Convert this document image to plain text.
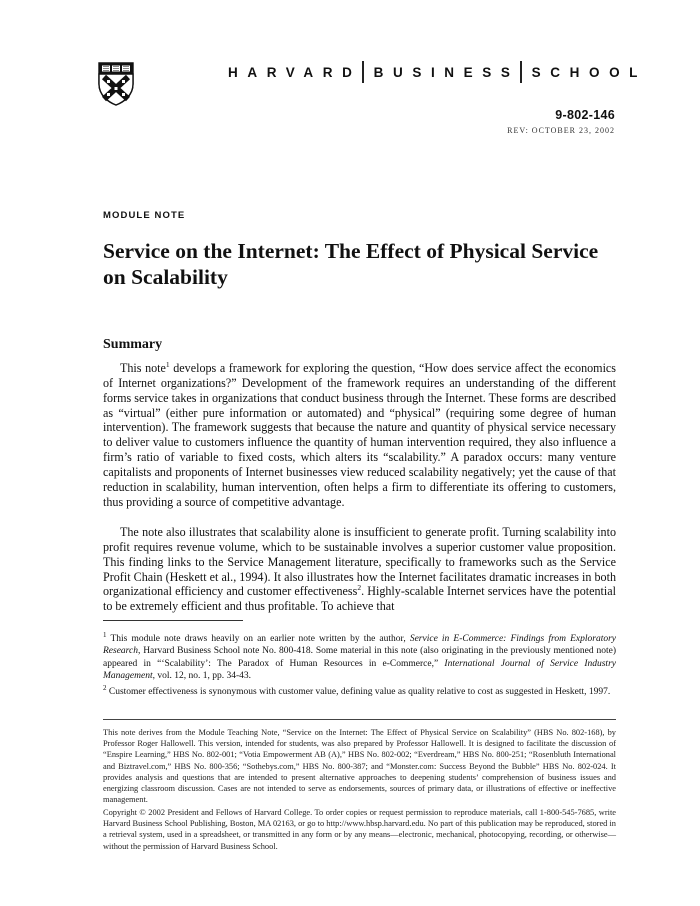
HARVARD BUSINESS SCHOOL
9-802-146
REV: OCTOBER 23, 2002
MODULE NOTE
Service on the Internet: The Effect of Physical Service on Scalability
Summary

This note$^1$ develops a framework for exploring the question, “How does service affect the economics of Internet organizations?” Development of the framework requires an understanding of the different forms service takes in organizations that conduct business through the Internet. These forms are described as “virtual” (either pure information or automated) and “physical” (requiring some degree of human intervention). The framework suggests that because the nature and quantity of physical service necessary to deliver value to customers influence the quantity of human intervention required, they also influence a firm’s ratio of variable to fixed costs, which alters its “scalability.” A paradox occurs: many venture capitalists and proponents of Internet businesses view reduced scalability negatively; yet the cause of that reduction in scalability, human intervention, often helps a firm to differentiate its offering to customers, thus providing a source of competitive advantage.

The note also illustrates that scalability alone is insufficient to generate profit. Turning scalability into profit requires revenue volume, which to be sustainable involves a superior customer value proposition. This finding links to the Service Management literature, specifically to frameworks such as the Service Profit Chain (Heskett et al., 1994). It also illustrates how the Internet facilitates dramatic increases in both organizational efficiency and customer effectiveness$^2$. Highly-scalable Internet services have the potential to be extremely efficient and thus profitable. To achieve that

$^1$ This module note draws heavily on an earlier note written by the author, Service in E-Commerce: Findings from Exploratory Research, Harvard Business School note No. 800-418. Some material in this note (also originating in the previously mentioned note) appeared in “‘Scalability’: The Paradox of Human Resources in e-Commerce,” International Journal of Service Industry Management, vol. 12, no. 1, pp. 34-43.

$^2$ Customer effectiveness is synonymous with customer value, defining value as quality relative to cost as suggested in Heskett, 1997.

This note derives from the Module Teaching Note, “Service on the Internet: The Effect of Physical Service on Scalability” (HBS No. 802-168), by Professor Roger Hallowell. This version, intended for students, was also prepared by Professor Hallowell. It is designed to facilitate the discussion of “Enspire Learning,” HBS No. 802-001; “Votia Empowerment AB (A),” HBS No. 802-002; “Everdream,” HBS No. 800-251; “Rosenbluth International and Biztravel.com,” HBS No. 800-356; “Sothebys.com,” HBS No. 800-387; and “Monster.com: Success Beyond the Bubble” HBS No. 802-024. It provides analysis and questions that are intended to present alternative approaches to deepening students’ comprehension of business issues and energizing classroom discussion. Cases are not intended to serve as endorsements, sources of primary data, or illustrations of effective or ineffective management.

Copyright © 2002 President and Fellows of Harvard College. To order copies or request permission to reproduce materials, call 1-800-545-7685, write Harvard Business School Publishing, Boston, MA 02163, or go to http://www.hbsp.harvard.edu. No part of this publication may be reproduced, stored in a retrieval system, used in a spreadsheet, or transmitted in any form or by any means—electronic, mechanical, photocopying, recording, or otherwise—without the permission of Harvard Business School.
